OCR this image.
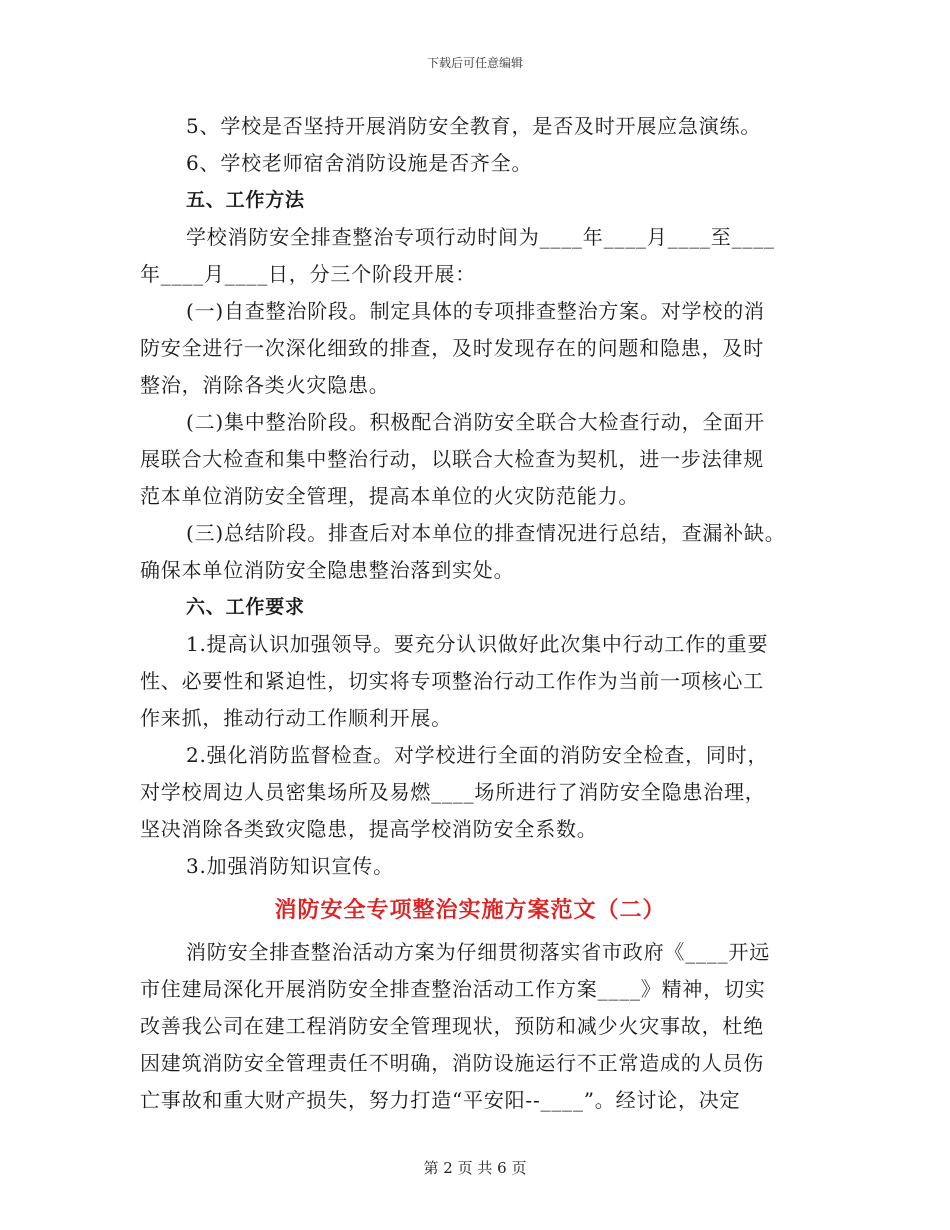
下载后可任意编辑
5、学校是否坚持开展消防安全教育，是否及时开展应急演练。
6、学校老师宿舍消防设施是否齐全。
五、工作方法
学校消防安全排查整治专项行动时间为____年____月____至____
年____月____日，分三个阶段开展：
(一)自查整治阶段。制定具体的专项排查整治方案。对学校的消
防安全进行一次深化细致的排查，及时发现存在的问题和隐患，及时
整治，消除各类火灾隐患。
(二)集中整治阶段。积极配合消防安全联合大检查行动，全面开
展联合大检查和集中整治行动，以联合大检查为契机，进一步法律规
范本单位消防安全管理，提高本单位的火灾防范能力。
(三)总结阶段。排查后对本单位的排查情况进行总结，查漏补缺。
确保本单位消防安全隐患整治落到实处。
六、工作要求
1.提高认识加强领导。要充分认识做好此次集中行动工作的重要
性、必要性和紧迫性，切实将专项整治行动工作作为当前一项核心工
作来抓，推动行动工作顺利开展。
2.强化消防监督检查。对学校进行全面的消防安全检查，同时，
对学校周边人员密集场所及易燃____场所进行了消防安全隐患治理，
坚决消除各类致灾隐患，提高学校消防安全系数。
3.加强消防知识宣传。
消防安全专项整治实施方案范文（二）
消防安全排查整治活动方案为仔细贯彻落实省市政府《____开远
市住建局深化开展消防安全排查整治活动工作方案____》精神，切实
改善我公司在建工程消防安全管理现状，预防和减少火灾事故，杜绝
因建筑消防安全管理责任不明确，消防设施运行不正常造成的人员伤
亡事故和重大财产损失，努力打造“平安阳--____”。经讨论，决定
第 2 页 共 6 页
